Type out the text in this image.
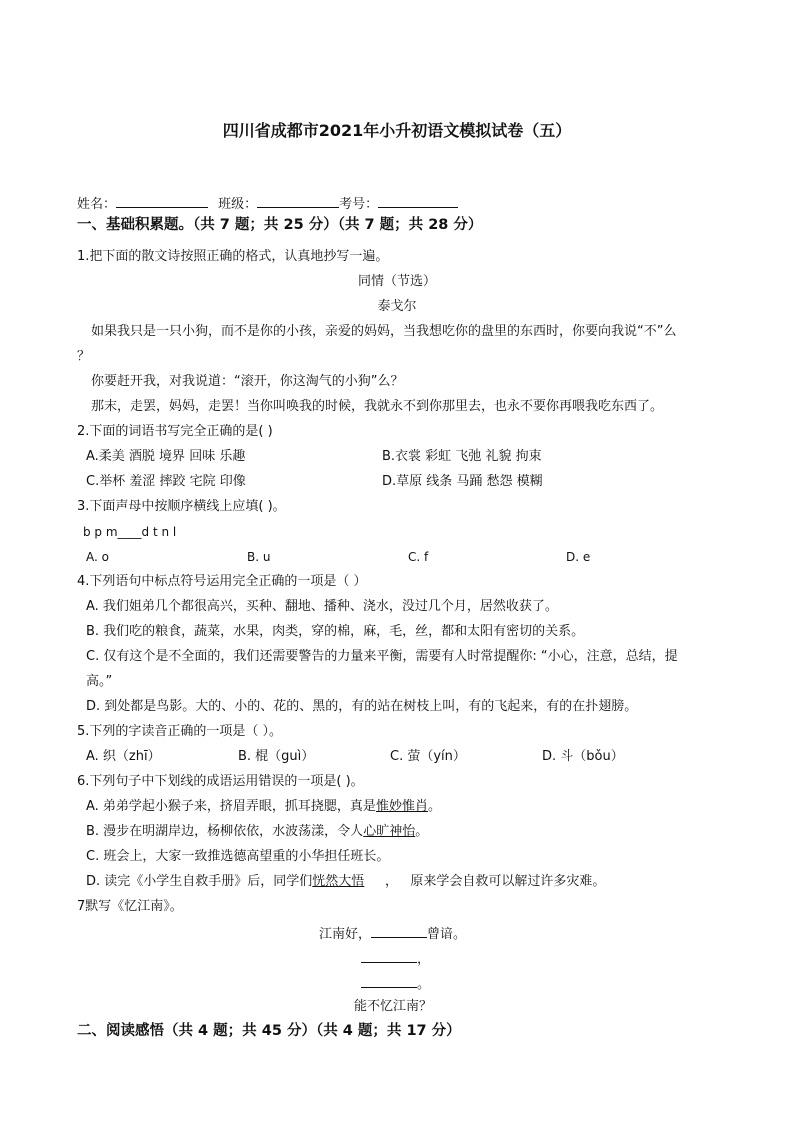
四川省成都市2021年小升初语文模拟试卷（五）
姓名：	班级：	考号：
一、基础积累题。（共 7 题；共 25 分）（共 7 题；共 28 分）
1.把下面的散文诗按照正确的格式，认真地抄写一遍。
同情（节选）
泰戈尔
如果我只是一只小狗，而不是你的小孩，亲爱的妈妈，当我想吃你的盘里的东西时，你要向我说“不”么
？
你要赶开我，对我说道：“滚开，你这淘气的小狗”么？
那末，走罢，妈妈，走罢！当你叫唤我的时候，我就永不到你那里去，也永不要你再喂我吃东西了。
2.下面的词语书写完全正确的是( )
A.柔美 酒脱 境界 回味 乐趣	B.衣裳 彩虹 飞弛 礼貌 拘束
C.举杯 羞涩 摔跤 宅院 印像	D.草原 线条 马踊 愁怨 模糊
3.下面声母中按顺序横线上应填( )。
b p m____d t n l
A. o	B. u	C. f	D. e
4.下列语句中标点符号运用完全正确的一项是（ ）
A. 我们姐弟几个都很高兴，买种、翻地、播种、浇水，没过几个月，居然收获了。
B. 我们吃的粮食，蔬菜，水果，肉类，穿的棉，麻，毛，丝，都和太阳有密切的关系。
C. 仅有这个是不全面的，我们还需要警告的力量来平衡，需要有人时常提醒你: “小心，注意，总结，提
高。”
D. 到处都是鸟影。大的、小的、花的、黑的，有的站在树枝上叫，有的飞起来，有的在扑翅膀。
5.下列的字读音正确的一项是（ ）。
A. 织（zhī）	B. 棍（guì）	C. 萤（yín）	D. 斗（bǒu）
6.下列句子中下划线的成语运用错误的一项是( )。
A. 弟弟学起小猴子来，挤眉弄眼，抓耳挠腮，真是惟妙惟肖。
B. 漫步在明湖岸边，杨柳依依，水波荡漾，令人心旷神怡。
C. 班会上，大家一致推选德高望重的小华担任班长。
D. 读完《小学生自救手册》后，同学们恍然大悟     ，   原来学会自救可以解过许多灾难。
7默写《忆江南》。
江南好，	曾谙。
，
。
能不忆江南？
二、阅读感悟（共 4 题；共 45 分）（共 4 题；共 17 分）
